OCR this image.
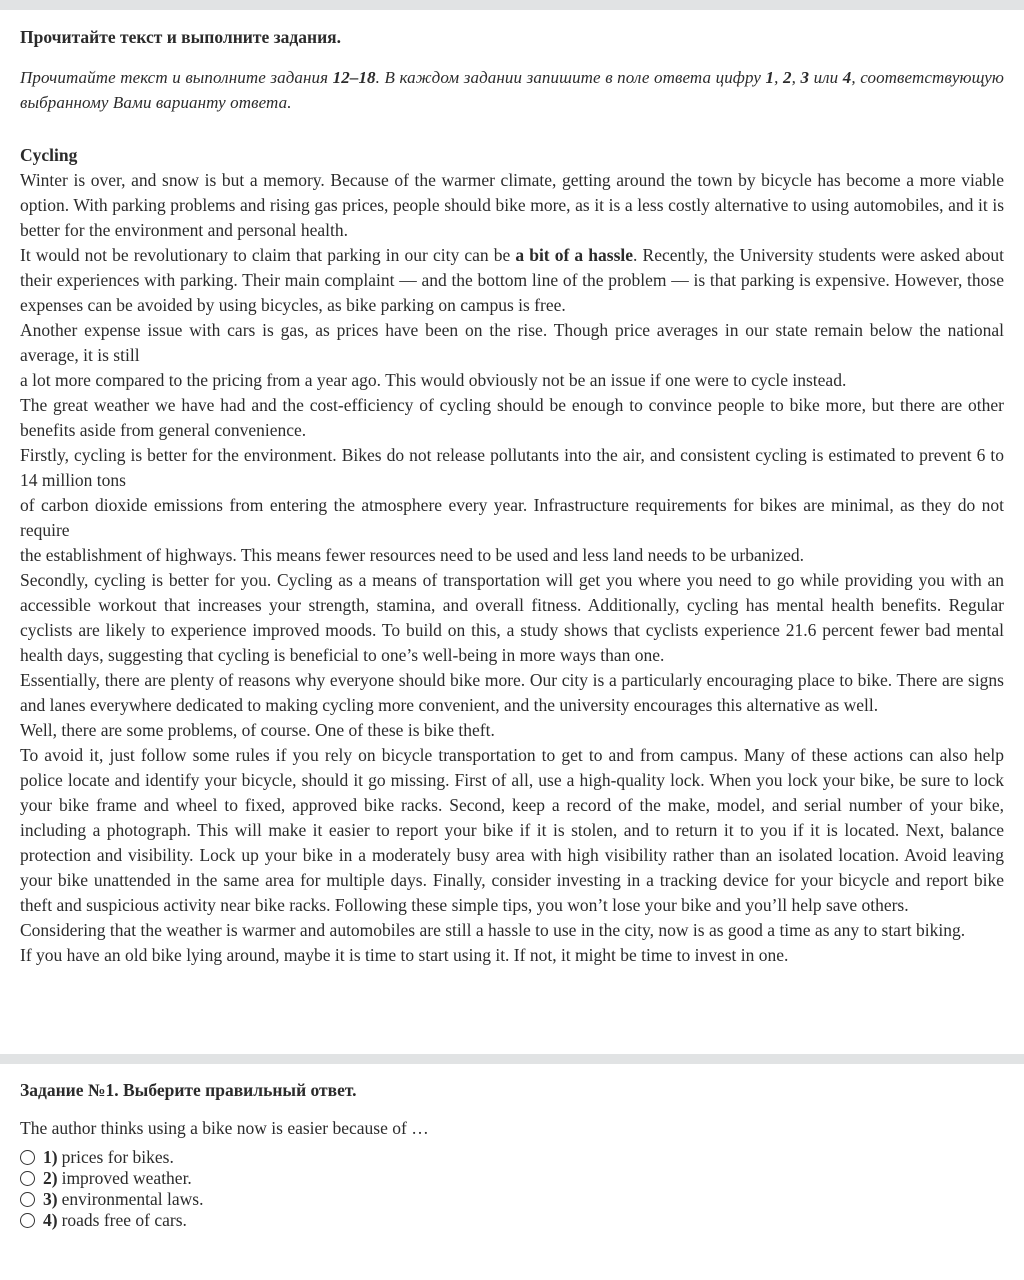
Прочитайте текст и выполните задания.

Прочитайте текст и выполните задания 12–18. В каждом задании запишите в поле ответа цифру 1, 2, 3 или 4, соответствующую выбранному Вами варианту ответа.

Cycling

Winter is over, and snow is but a memory. Because of the warmer climate, getting around the town by bicycle has become a more viable option. With parking problems and rising gas prices, people should bike more, as it is a less costly alternative to using automobiles, and it is better for the environment and personal health.

It would not be revolutionary to claim that parking in our city can be a bit of a hassle. Recently, the University students were asked about their experiences with parking. Their main complaint — and the bottom line of the problem — is that parking is expensive. However, those expenses can be avoided by using bicycles, as bike parking on campus is free.

Another expense issue with cars is gas, as prices have been on the rise. Though price averages in our state remain below the national average, it is still

a lot more compared to the pricing from a year ago. This would obviously not be an issue if one were to cycle instead.

The great weather we have had and the cost-efficiency of cycling should be enough to convince people to bike more, but there are other benefits aside from general convenience.

Firstly, cycling is better for the environment. Bikes do not release pollutants into the air, and consistent cycling is estimated to prevent 6 to 14 million tons

of carbon dioxide emissions from entering the atmosphere every year. Infrastructure requirements for bikes are minimal, as they do not require

the establishment of highways. This means fewer resources need to be used and less land needs to be urbanized.

Secondly, cycling is better for you. Cycling as a means of transportation will get you where you need to go while providing you with an accessible workout that increases your strength, stamina, and overall fitness. Additionally, cycling has mental health benefits. Regular cyclists are likely to experience improved moods. To build on this, a study shows that cyclists experience 21.6 percent fewer bad mental health days, suggesting that cycling is beneficial to one’s well-being in more ways than one.

Essentially, there are plenty of reasons why everyone should bike more. Our city is a particularly encouraging place to bike. There are signs and lanes everywhere dedicated to making cycling more convenient, and the university encourages this alternative as well.

Well, there are some problems, of course. One of these is bike theft.

To avoid it, just follow some rules if you rely on bicycle transportation to get to and from campus. Many of these actions can also help police locate and identify your bicycle, should it go missing. First of all, use a high-quality lock. When you lock your bike, be sure to lock your bike frame and wheel to fixed, approved bike racks. Second, keep a record of the make, model, and serial number of your bike, including a photograph. This will make it easier to report your bike if it is stolen, and to return it to you if it is located. Next, balance protection and visibility. Lock up your bike in a moderately busy area with high visibility rather than an isolated location. Avoid leaving your bike unattended in the same area for multiple days. Finally, consider investing in a tracking device for your bicycle and report bike theft and suspicious activity near bike racks. Following these simple tips, you won’t lose your bike and you’ll help save others.

Considering that the weather is warmer and automobiles are still a hassle to use in the city, now is as good a time as any to start biking.

If you have an old bike lying around, maybe it is time to start using it. If not, it might be time to invest in one.

Задание №1. Выберите правильный ответ.

The author thinks using a bike now is easier because of …

1) prices for bikes.
2) improved weather.
3) environmental laws.
4) roads free of cars.
